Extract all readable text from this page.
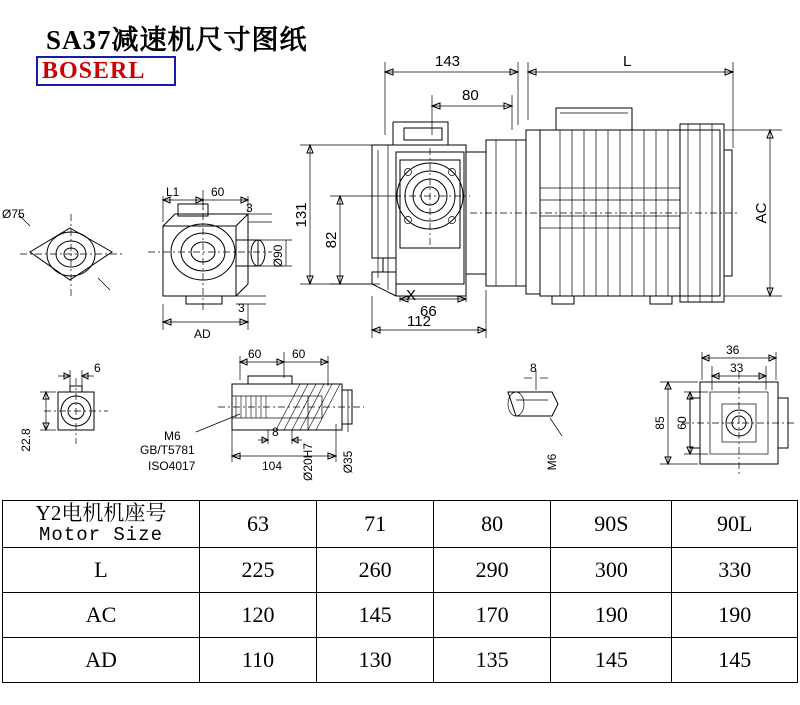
SA37减速机尺寸图纸
BOSERL	143	L
80
131
82
AC
66
X
112
L1	60
3
3
Ø90
AD
Ø75
6
22.8
60	60
M6
GB/T5781
ISO4017
8
104 Ø20H7 Ø35
8
M6
36
33
85 60
Y2电机机座号
Motor Size	63	71	80	90S	90L
L	225	260	290	300	330
AC	120	145	170	190	190
AD	110	130	135	145	145
